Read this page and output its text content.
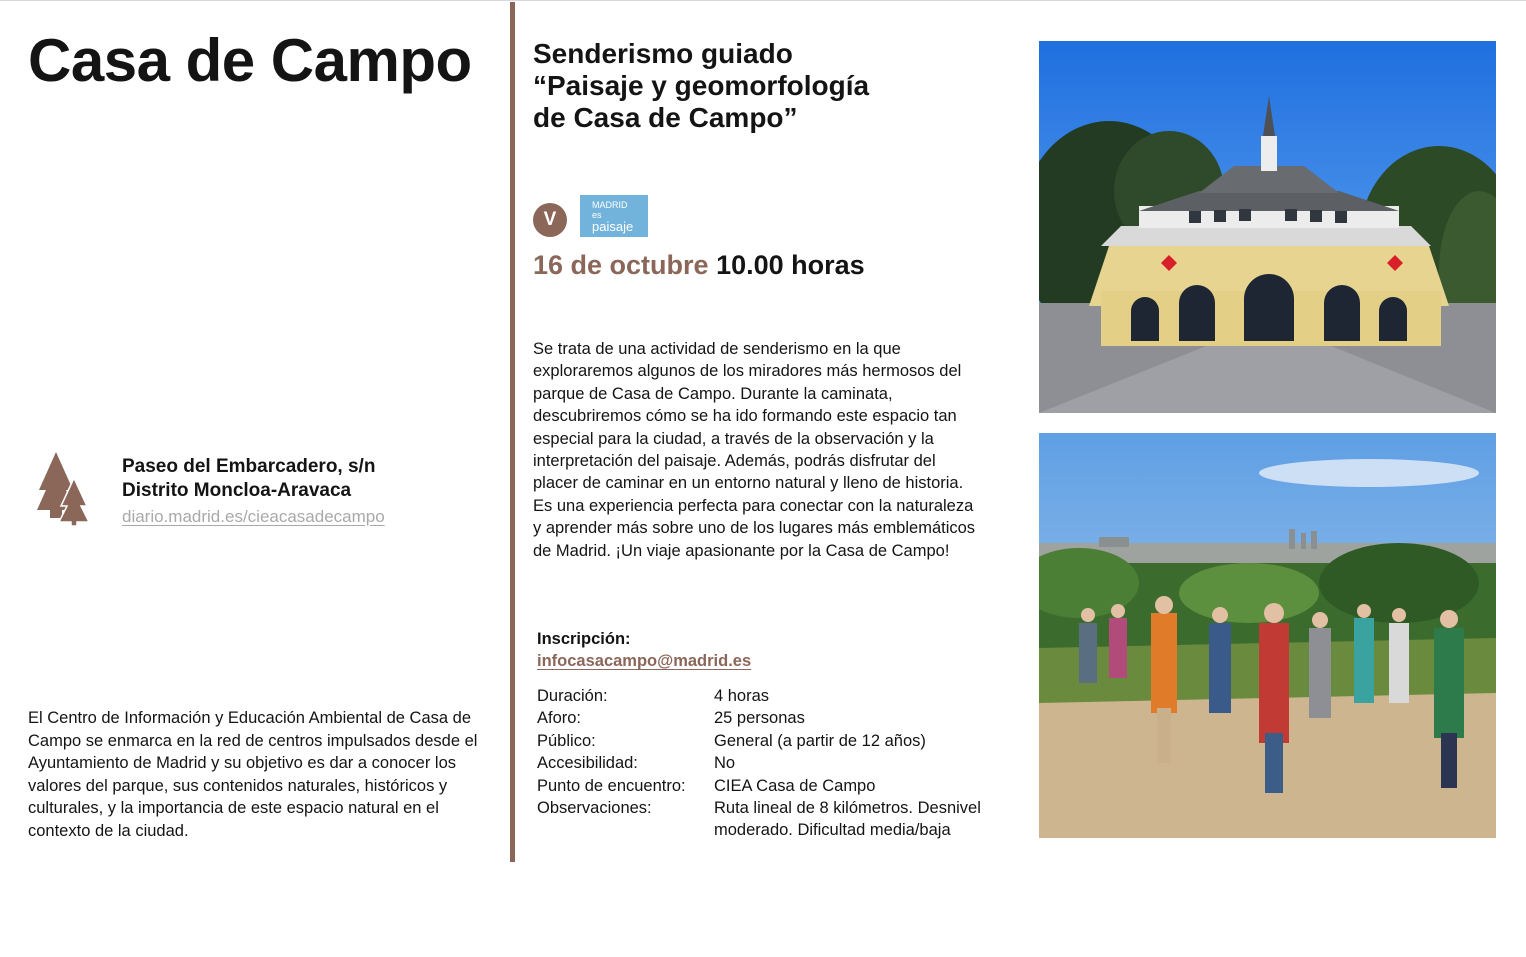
Casa de Campo
Paseo del Embarcadero, s/n
Distrito Moncloa-Aravaca
diario.madrid.es/cieacasadecampo

El Centro de Información y Educación Ambiental de Casa de Campo se enmarca en la red de centros impulsados desde el Ayuntamiento de Madrid y su objetivo es dar a conocer los valores del parque, sus contenidos naturales, históricos y culturales, y la importancia de este espacio natural en el contexto de la ciudad.

Senderismo guiado
“Paisaje y geomorfología
de Casa de Campo”
V
MADRID
es
paisaje
16 de octubre 10.00 horas

Se trata de una actividad de senderismo en la que exploraremos algunos de los miradores más hermosos del parque de Casa de Campo. Durante la caminata, descubriremos cómo se ha ido formando este espacio tan especial para la ciudad, a través de la observación y la interpretación del paisaje. Además, podrás disfrutar del placer de caminar en un entorno natural y lleno de historia. Es una experiencia perfecta para conectar con la naturaleza y aprender más sobre uno de los lugares más emblemáticos de Madrid. ¡Un viaje apasionante por la Casa de Campo!

Inscripción:
infocasacampo@madrid.es
Duración:	4 horas
Aforo:	25 personas
Público:	General (a partir de 12 años)
Accesibilidad:	No
Punto de encuentro:	CIEA Casa de Campo
Observaciones:	Ruta lineal de 8 kilómetros. Desnivel moderado. Dificultad media/baja
